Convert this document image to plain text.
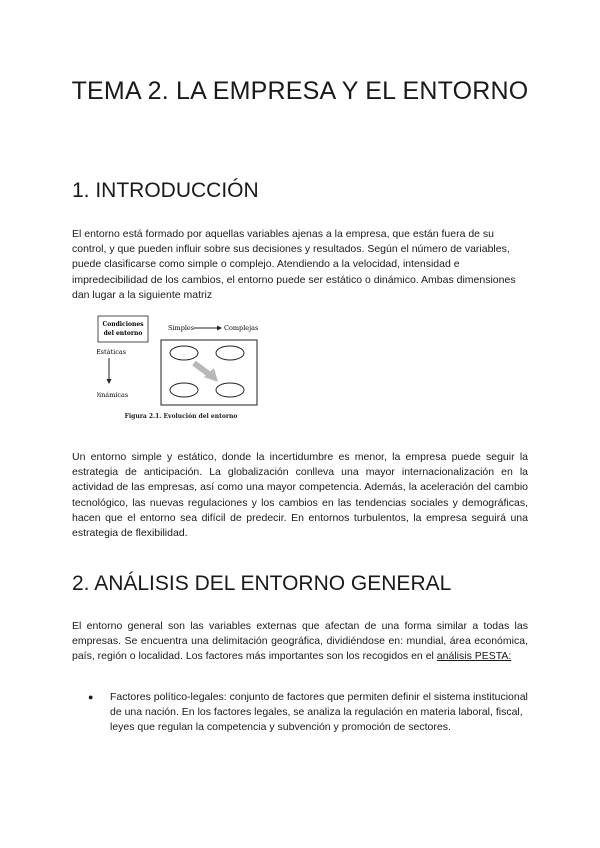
TEMA 2. LA EMPRESA Y EL ENTORNO
1. INTRODUCCIÓN

El entorno está formado por aquellas variables ajenas a la empresa, que están fuera de su control, y que pueden influir sobre sus decisiones y resultados. Según el número de variables, puede clasificarse como simple o complejo. Atendiendo a la velocidad, intensidad e impredecibilidad de los cambios, el entorno puede ser estático o dinámico. Ambas dimensiones dan lugar a la siguiente matriz

Condiciones
del entorno
Simples	Complejas
Estáticas
Dinámicas
Figura 2.1. Evolución del entorno

Un entorno simple y estático, donde la incertidumbre es menor, la empresa puede seguir la estrategia de anticipación. La globalización conlleva una mayor internacionalización en la actividad de las empresas, así como una mayor competencia. Además, la aceleración del cambio tecnológico, las nuevas regulaciones y los cambios en las tendencias sociales y demográficas, hacen que el entorno sea difícil de predecir. En entornos turbulentos, la empresa seguirá una estrategia de flexibilidad.

2. ANÁLISIS DEL ENTORNO GENERAL

El entorno general son las variables externas que afectan de una forma similar a todas las empresas. Se encuentra una delimitación geográfica, dividiéndose en: mundial, área económica, país, región o localidad. Los factores más importantes son los recogidos en el análisis PESTA:

● Factores político-legales: conjunto de factores que permiten definir el sistema institucional de una nación. En los factores legales, se analiza la regulación en materia laboral, fiscal, leyes que regulan la competencia y subvención y promoción de sectores.
